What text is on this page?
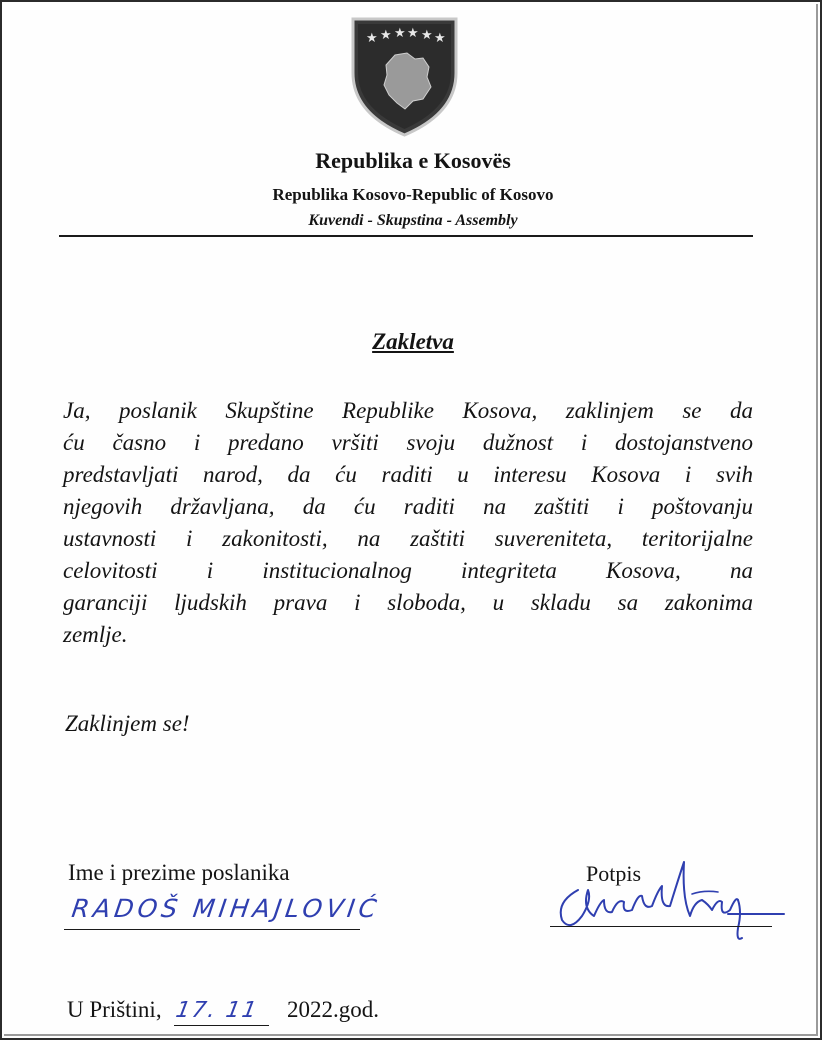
★ ★ ★ ★ ★ ★
Republika e Kosovës
Republika Kosovo-Republic of Kosovo
Kuvendi - Skupstina - Assembly
Zakletva
Ja, poslanik Skupštine Republike Kosova, zaklinjem se da
ću časno i predano vršiti svoju dužnost i dostojanstveno
predstavljati narod, da ću raditi u interesu Kosova i svih
njegovih državljana, da ću raditi na zaštiti i poštovanju
ustavnosti i zakonitosti, na zaštiti suvereniteta, teritorijalne
celovitosti i institucionalnog integriteta Kosova, na
garanciji ljudskih prava i sloboda, u skladu sa zakonima
zemlje.
Zaklinjem se!
Ime i prezime poslanika
RADOŠ MIHAJLOVIĆ
Potpis
U Prištini, 17. 11 2022.god.
